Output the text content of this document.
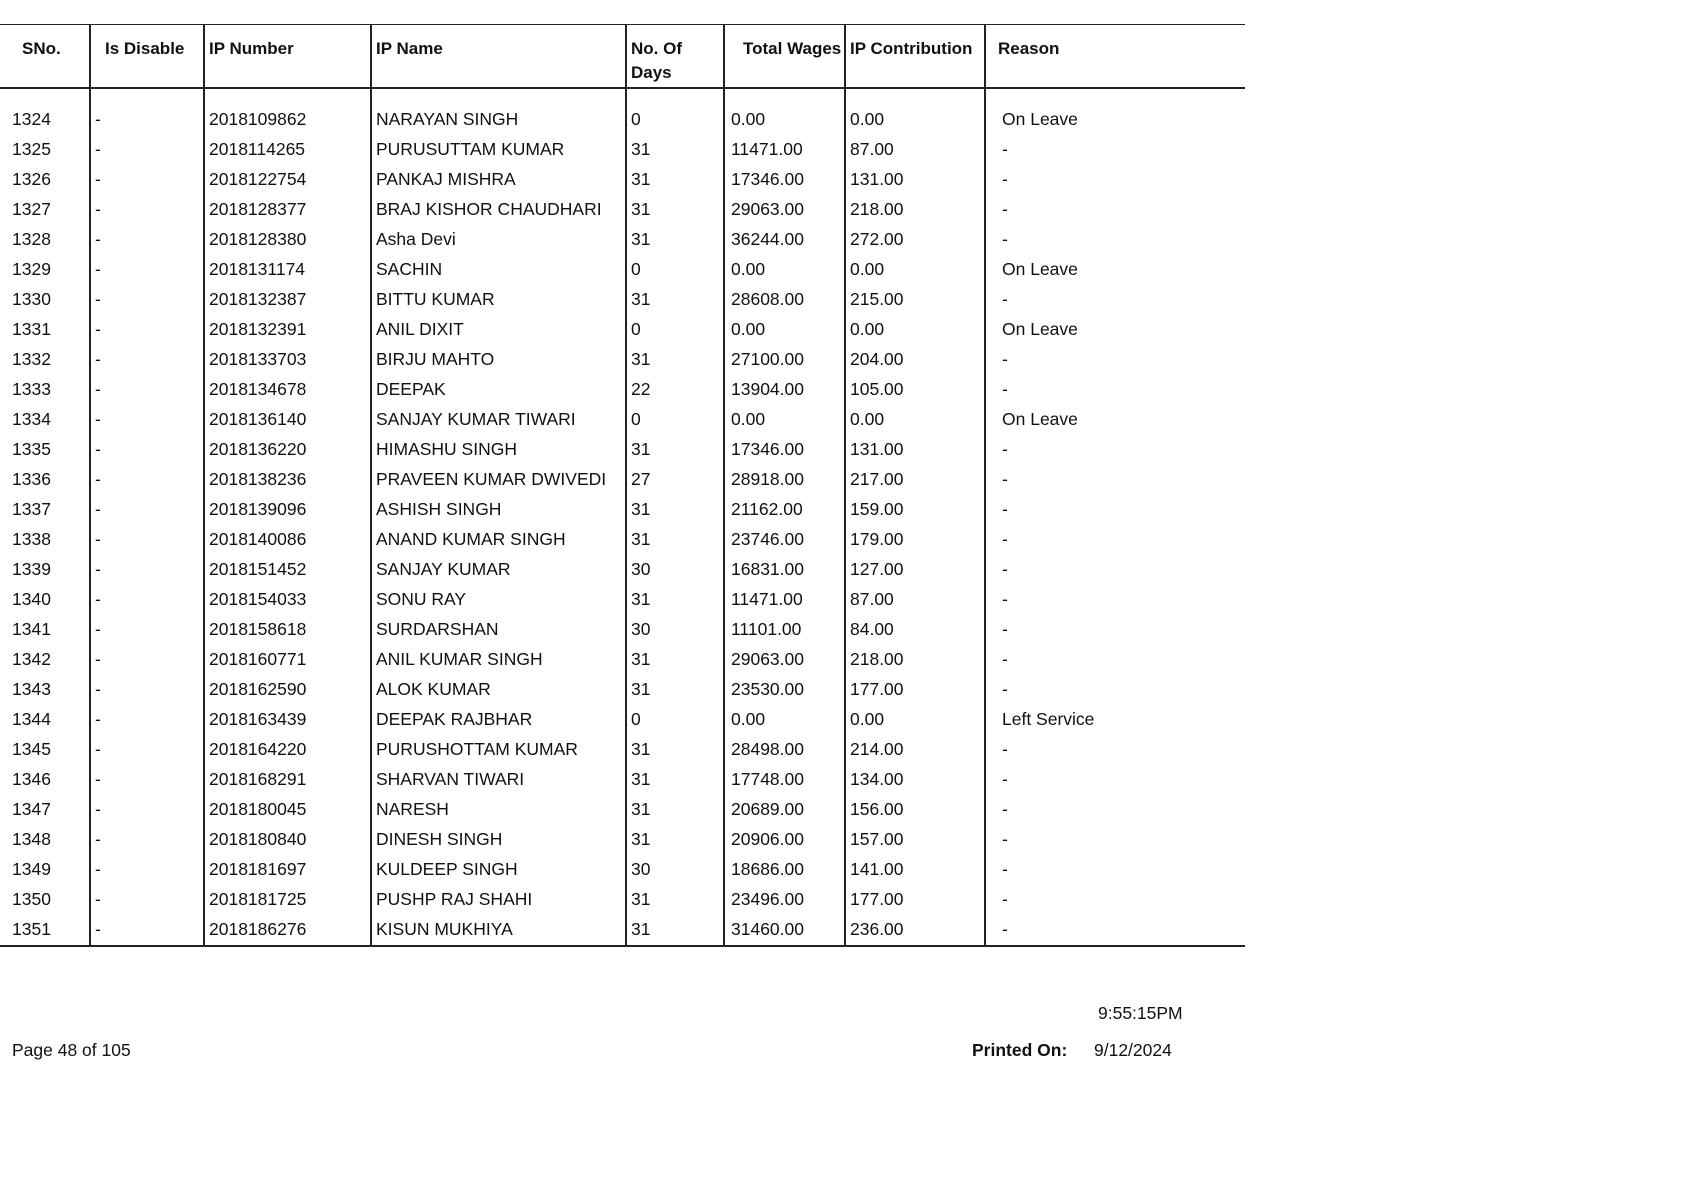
SNo.	Is Disable	IP Number	IP Name	No. Of Days	Total Wages	IP Contribution	Reason

1324	-	2018109862	NARAYAN SINGH	0	0.00	0.00	On Leave
1325	-	2018114265	PURUSUTTAM KUMAR	31	11471.00	87.00	-
1326	-	2018122754	PANKAJ MISHRA	31	17346.00	131.00	-
1327	-	2018128377	BRAJ KISHOR CHAUDHARI	31	29063.00	218.00	-
1328	-	2018128380	Asha Devi	31	36244.00	272.00	-
1329	-	2018131174	SACHIN	0	0.00	0.00	On Leave
1330	-	2018132387	BITTU KUMAR	31	28608.00	215.00	-
1331	-	2018132391	ANIL DIXIT	0	0.00	0.00	On Leave
1332	-	2018133703	BIRJU MAHTO	31	27100.00	204.00	-
1333	-	2018134678	DEEPAK	22	13904.00	105.00	-
1334	-	2018136140	SANJAY KUMAR TIWARI	0	0.00	0.00	On Leave
1335	-	2018136220	HIMASHU SINGH	31	17346.00	131.00	-
1336	-	2018138236	PRAVEEN KUMAR DWIVEDI	27	28918.00	217.00	-
1337	-	2018139096	ASHISH SINGH	31	21162.00	159.00	-
1338	-	2018140086	ANAND KUMAR SINGH	31	23746.00	179.00	-
1339	-	2018151452	SANJAY KUMAR	30	16831.00	127.00	-
1340	-	2018154033	SONU RAY	31	11471.00	87.00	-
1341	-	2018158618	SURDARSHAN	30	11101.00	84.00	-
1342	-	2018160771	ANIL KUMAR SINGH	31	29063.00	218.00	-
1343	-	2018162590	ALOK KUMAR	31	23530.00	177.00	-
1344	-	2018163439	DEEPAK RAJBHAR	0	0.00	0.00	Left Service
1345	-	2018164220	PURUSHOTTAM KUMAR	31	28498.00	214.00	-
1346	-	2018168291	SHARVAN TIWARI	31	17748.00	134.00	-
1347	-	2018180045	NARESH	31	20689.00	156.00	-
1348	-	2018180840	DINESH SINGH	31	20906.00	157.00	-
1349	-	2018181697	KULDEEP SINGH	30	18686.00	141.00	-
1350	-	2018181725	PUSHP RAJ SHAHI	31	23496.00	177.00	-
1351	-	2018186276	KISUN MUKHIYA	31	31460.00	236.00	-
9:55:15PM
Page 48 of 105	Printed On: 9/12/2024
